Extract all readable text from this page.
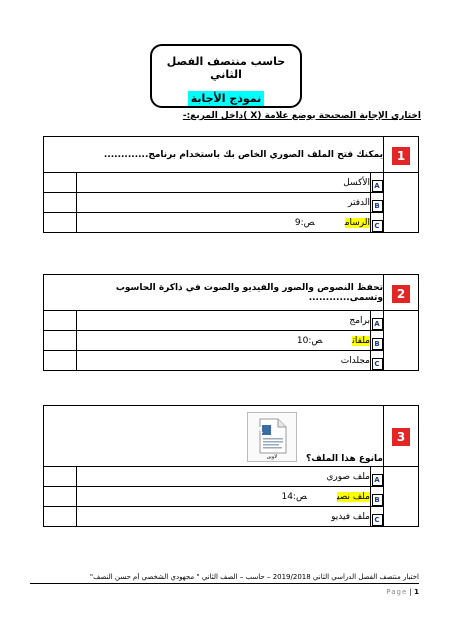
حاسب منتصف الفصل الثاني
نموذج الأجابة
اختاري الإجابة الصحيحة بوضع علامة (X )داخل المربع:-
1	يمكنك فتح الملف الصوري الخاص بك باستخدام برنامج.............		
	A	الأكسل	
	B	الدفتر	
	C	الرسامص:9	
2	تحفظ النصوص والصور والفيديو والصوت في ذاكرة الحاسوب وتسمى............		
	A	برامج	
	B	ملفاتص:10	
	C	مجلدات	
3	مانوع هذا الملف؟
A
لاوين		

	A	ملف صوري	
	B	ملف نصيص:14	
	C	ملف فيديو	
اختبار منتصف الفصل الدراسي الثاني 2019/2018 – حاسب – الصف الثاني " مجهودي الشخصي أم حسن النصف"
1 | Page
